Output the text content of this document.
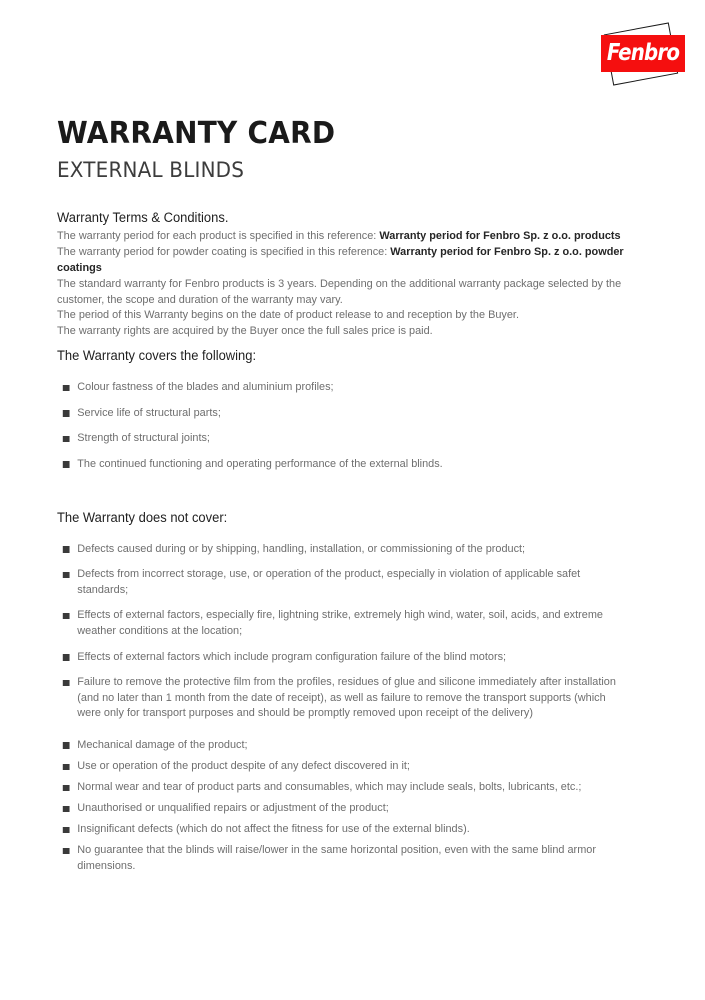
Fenbro
WARRANTY CARD
EXTERNAL BLINDS
Warranty Terms & Conditions.

The warranty period for each product is specified in this reference: Warranty period for Fenbro Sp. z o.o. products

The warranty period for powder coating is specified in this reference: Warranty period for Fenbro Sp. z o.o. powder coatings

The standard warranty for Fenbro products is 3 years. Depending on the additional warranty package selected by the customer, the scope and duration of the warranty may vary.

The period of this Warranty begins on the date of product release to and reception by the Buyer.

The warranty rights are acquired by the Buyer once the full sales price is paid.

The Warranty covers the following:
Colour fastness of the blades and aluminium profiles;
Service life of structural parts;
Strength of structural joints;
The continued functioning and operating performance of the external blinds.
The Warranty does not cover:
Defects caused during or by shipping, handling, installation, or commissioning of the product;
Defects from incorrect storage, use, or operation of the product, especially in violation of applicable safet standards;
Effects of external factors, especially fire, lightning strike, extremely high wind, water, soil, acids, and extreme weather conditions at the location;
Effects of external factors which include program configuration failure of the blind motors;
Failure to remove the protective film from the profiles, residues of glue and silicone immediately after installation (and no later than 1 month from the date of receipt), as well as failure to remove the transport supports (which were only for transport purposes and should be promptly removed upon receipt of the delivery)
Mechanical damage of the product;
Use or operation of the product despite of any defect discovered in it;
Normal wear and tear of product parts and consumables, which may include seals, bolts, lubricants, etc.;
Unauthorised or unqualified repairs or adjustment of the product;
Insignificant defects (which do not affect the fitness for use of the external blinds).
No guarantee that the blinds will raise/lower in the same horizontal position, even with the same blind armor dimensions.
